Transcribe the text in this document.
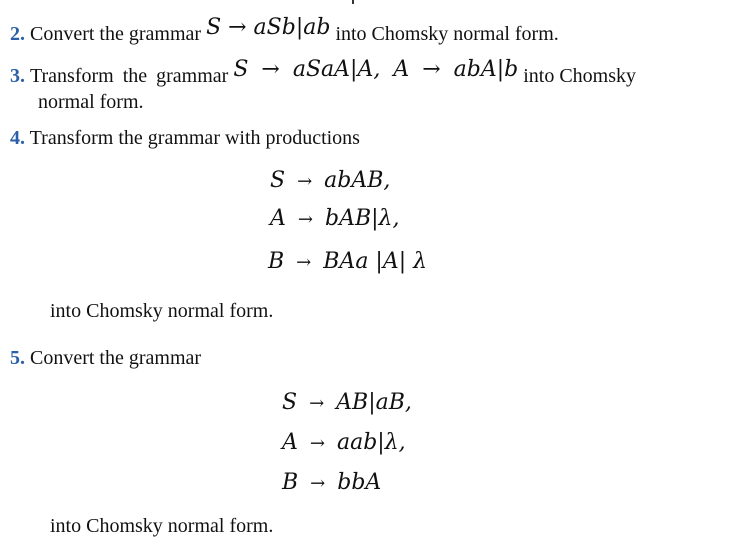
2. Convert the grammar S → aSb|ab into Chomsky normal form.
3. Transform the grammar S → aSaA|A, A → abA|b into Chomsky
normal form.
4. Transform the grammar with productions
S → abAB,
A → bAB|λ,
B → BAa |A| λ
into Chomsky normal form.
5. Convert the grammar
S → AB|aB,
A → aab|λ,
B → bbA
into Chomsky normal form.
